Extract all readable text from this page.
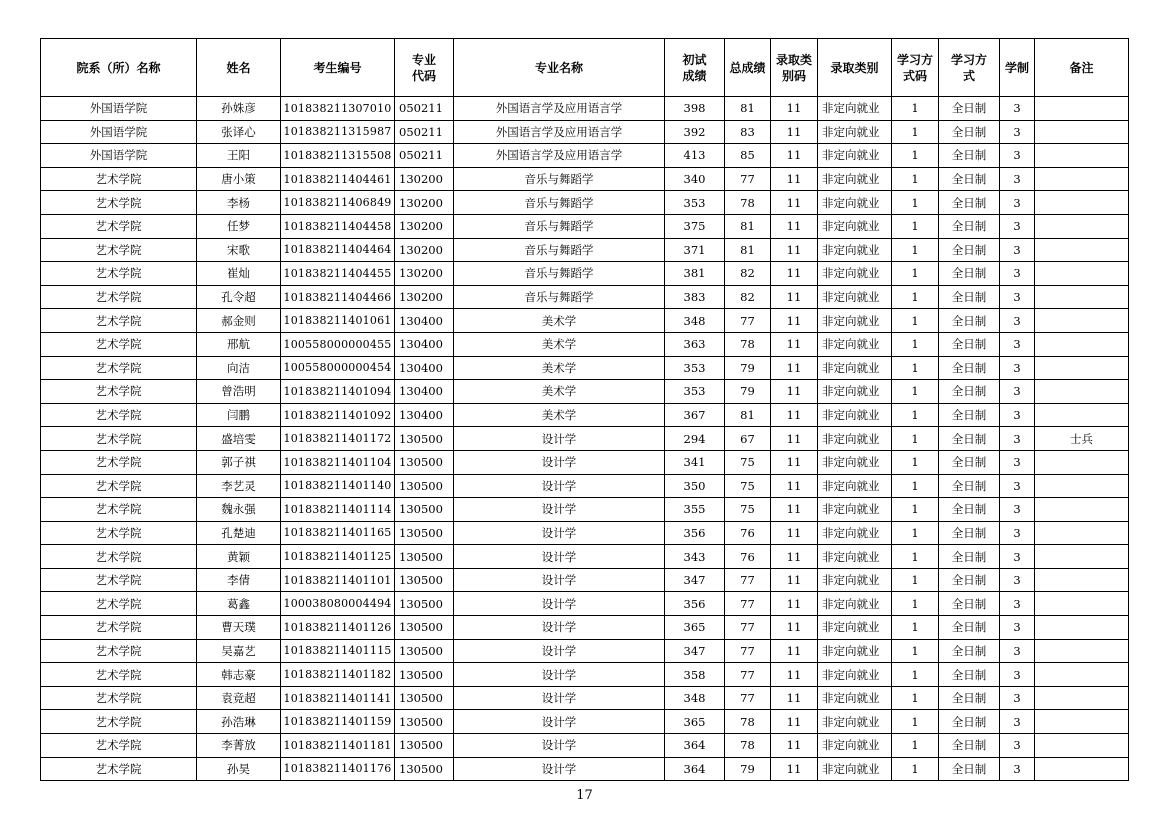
院系（所）名称	姓名	考生编号	专业代码	专业名称	初试成绩	总成绩	录取类别码	录取类别	学习方式码	学习方式	学制	备注
外国语学院	孙姝彦	101838211307010	050211	外国语言学及应用语言学	398	81	11	非定向就业	1	全日制	3	
外国语学院	张译心	101838211315987	050211	外国语言学及应用语言学	392	83	11	非定向就业	1	全日制	3	
外国语学院	王阳	101838211315508	050211	外国语言学及应用语言学	413	85	11	非定向就业	1	全日制	3	
艺术学院	唐小策	101838211404461	130200	音乐与舞蹈学	340	77	11	非定向就业	1	全日制	3	
艺术学院	李杨	101838211406849	130200	音乐与舞蹈学	353	78	11	非定向就业	1	全日制	3	
艺术学院	任梦	101838211404458	130200	音乐与舞蹈学	375	81	11	非定向就业	1	全日制	3	
艺术学院	宋歌	101838211404464	130200	音乐与舞蹈学	371	81	11	非定向就业	1	全日制	3	
艺术学院	崔灿	101838211404455	130200	音乐与舞蹈学	381	82	11	非定向就业	1	全日制	3	
艺术学院	孔令超	101838211404466	130200	音乐与舞蹈学	383	82	11	非定向就业	1	全日制	3	
艺术学院	郝金则	101838211401061	130400	美术学	348	77	11	非定向就业	1	全日制	3	
艺术学院	邢航	100558000000455	130400	美术学	363	78	11	非定向就业	1	全日制	3	
艺术学院	向洁	100558000000454	130400	美术学	353	79	11	非定向就业	1	全日制	3	
艺术学院	曾浩明	101838211401094	130400	美术学	353	79	11	非定向就业	1	全日制	3	
艺术学院	闫鹏	101838211401092	130400	美术学	367	81	11	非定向就业	1	全日制	3	
艺术学院	盛培雯	101838211401172	130500	设计学	294	67	11	非定向就业	1	全日制	3	士兵
艺术学院	郭子祺	101838211401104	130500	设计学	341	75	11	非定向就业	1	全日制	3	
艺术学院	李艺灵	101838211401140	130500	设计学	350	75	11	非定向就业	1	全日制	3	
艺术学院	魏永强	101838211401114	130500	设计学	355	75	11	非定向就业	1	全日制	3	
艺术学院	孔楚迪	101838211401165	130500	设计学	356	76	11	非定向就业	1	全日制	3	
艺术学院	黄颖	101838211401125	130500	设计学	343	76	11	非定向就业	1	全日制	3	
艺术学院	李倩	101838211401101	130500	设计学	347	77	11	非定向就业	1	全日制	3	
艺术学院	葛鑫	100038080004494	130500	设计学	356	77	11	非定向就业	1	全日制	3	
艺术学院	曹天璞	101838211401126	130500	设计学	365	77	11	非定向就业	1	全日制	3	
艺术学院	吴嘉艺	101838211401115	130500	设计学	347	77	11	非定向就业	1	全日制	3	
艺术学院	韩志豪	101838211401182	130500	设计学	358	77	11	非定向就业	1	全日制	3	
艺术学院	袁竞超	101838211401141	130500	设计学	348	77	11	非定向就业	1	全日制	3	
艺术学院	孙浩琳	101838211401159	130500	设计学	365	78	11	非定向就业	1	全日制	3	
艺术学院	李菁放	101838211401181	130500	设计学	364	78	11	非定向就业	1	全日制	3	
艺术学院	孙昊	101838211401176	130500	设计学	364	79	11	非定向就业	1	全日制	3	
17
